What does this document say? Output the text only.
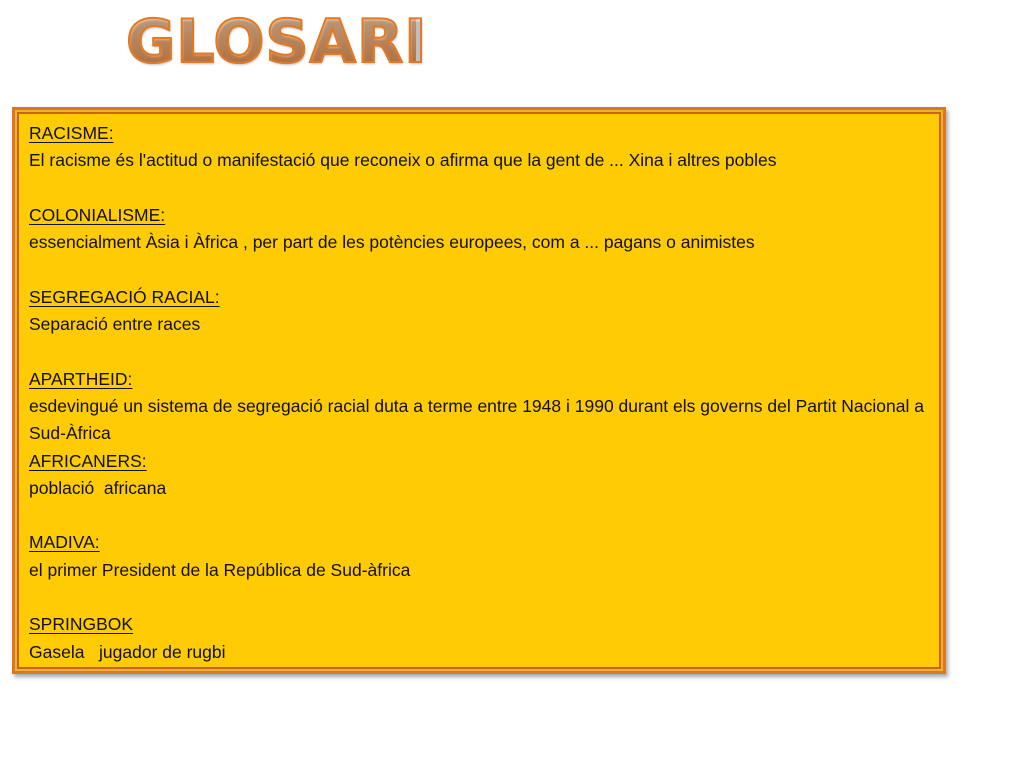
GLOSARI
RACISME:
El racisme és l'actitud o manifestació que reconeix o afirma que la gent de ... Xina i altres pobles
COLONIALISME:
essencialment Àsia i Àfrica , per part de les potències europees, com a ... pagans o animistes
SEGREGACIÓ RACIAL:
Separació entre races
APARTHEID:
esdevingué un sistema de segregació racial duta a terme entre 1948 i 1990 durant els governs del Partit Nacional a Sud-Àfrica
AFRICANERS:
població  africana
MADIVA:
el primer President de la República de Sud-àfrica
SPRINGBOK
Gasela   jugador de rugbi
